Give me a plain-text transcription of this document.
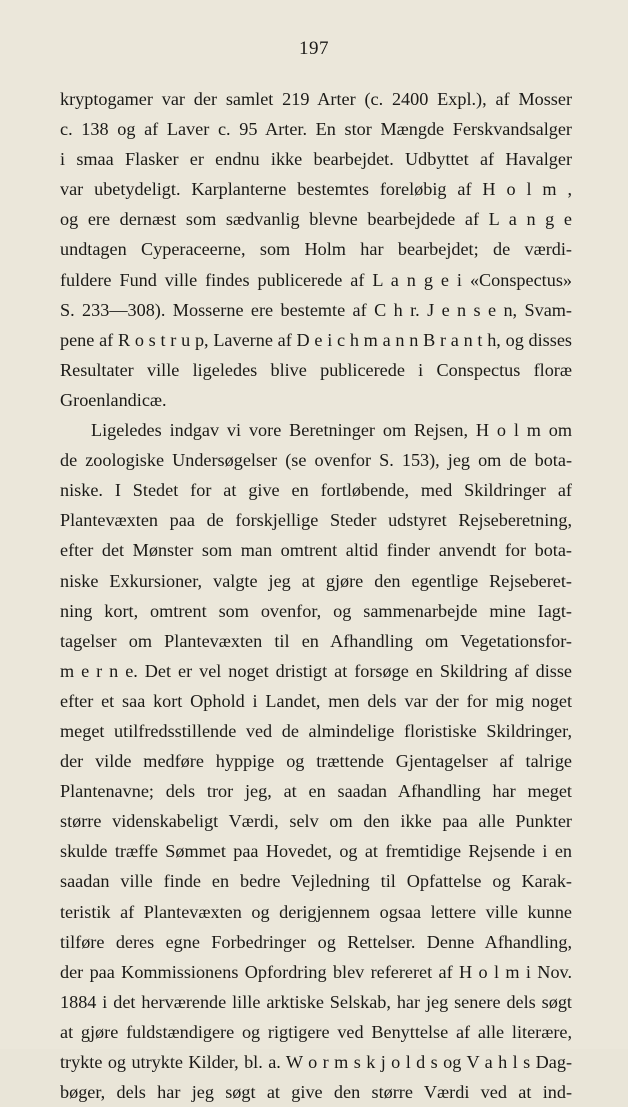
197
kryptogamer var der samlet 219 Arter (c. 2400 Expl.), af Mosser
c. 138 og af Laver c. 95 Arter. En stor Mængde Ferskvandsalger
i smaa Flasker er endnu ikke bearbejdet. Udbyttet af Havalger
var ubetydeligt. Karplanterne bestemtes foreløbig af H o l m ,
og ere dernæst som sædvanlig blevne bearbejdede af L a n g e
undtagen Cyperaceerne, som Holm har bearbejdet; de værdi-
fuldere Fund ville findes publicerede af L a n g e i «Conspectus»
S. 233—308). Mosserne ere bestemte af C h r. J e n s e n, Svam-
pene af R o s t r u p, Laverne af D e i c h m a n n B r a n t h, og disses
Resultater ville ligeledes blive publicerede i Conspectus floræ
Groenlandicæ.
Ligeledes indgav vi vore Beretninger om Rejsen, H o l m om
de zoologiske Undersøgelser (se ovenfor S. 153), jeg om de bota-
niske. I Stedet for at give en fortløbende, med Skildringer af
Plantevæxten paa de forskjellige Steder udstyret Rejseberetning,
efter det Mønster som man omtrent altid finder anvendt for bota-
niske Exkursioner, valgte jeg at gjøre den egentlige Rejseberet-
ning kort, omtrent som ovenfor, og sammenarbejde mine Iagt-
tagelser om Plantevæxten til en Afhandling om Vegetationsfor-
m e r n e. Det er vel noget dristigt at forsøge en Skildring af disse
efter et saa kort Ophold i Landet, men dels var der for mig noget
meget utilfredsstillende ved de almindelige floristiske Skildringer,
der vilde medføre hyppige og trættende Gjentagelser af talrige
Plantenavne; dels tror jeg, at en saadan Afhandling har meget
større videnskabeligt Værdi, selv om den ikke paa alle Punkter
skulde træffe Sømmet paa Hovedet, og at fremtidige Rejsende i en
saadan ville finde en bedre Vejledning til Opfattelse og Karak-
teristik af Plantevæxten og derigjennem ogsaa lettere ville kunne
tilføre deres egne Forbedringer og Rettelser. Denne Afhandling,
der paa Kommissionens Opfordring blev refereret af H o l m i Nov.
1884 i det herværende lille arktiske Selskab, har jeg senere dels søgt
at gjøre fuldstændigere og rigtigere ved Benyttelse af alle literære,
trykte og utrykte Kilder, bl. a. W o r m s k j o l d s og V a h l s Dag-
bøger, dels har jeg søgt at give den større Værdi ved at ind-
